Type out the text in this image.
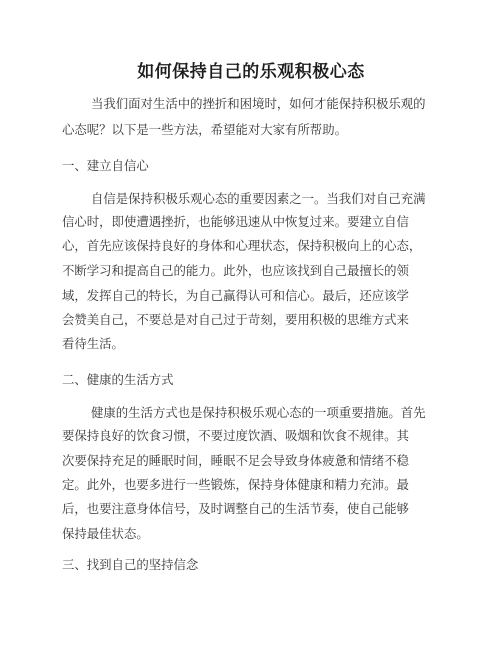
如何保持自己的乐观积极心态
当我们面对生活中的挫折和困境时，如何才能保持积极乐观的
心态呢？以下是一些方法，希望能对大家有所帮助。
一、建立自信心
自信是保持积极乐观心态的重要因素之一。当我们对自己充满
信心时，即使遭遇挫折，也能够迅速从中恢复过来。要建立自信
心，首先应该保持良好的身体和心理状态，保持积极向上的心态，
不断学习和提高自己的能力。此外，也应该找到自己最擅长的领
域，发挥自己的特长，为自己赢得认可和信心。最后，还应该学
会赞美自己，不要总是对自己过于苛刻，要用积极的思维方式来
看待生活。
二、健康的生活方式
健康的生活方式也是保持积极乐观心态的一项重要措施。首先
要保持良好的饮食习惯，不要过度饮酒、吸烟和饮食不规律。其
次要保持充足的睡眠时间，睡眠不足会导致身体疲惫和情绪不稳
定。此外，也要多进行一些锻炼，保持身体健康和精力充沛。最
后，也要注意身体信号，及时调整自己的生活节奏，使自己能够
保持最佳状态。
三、找到自己的坚持信念
